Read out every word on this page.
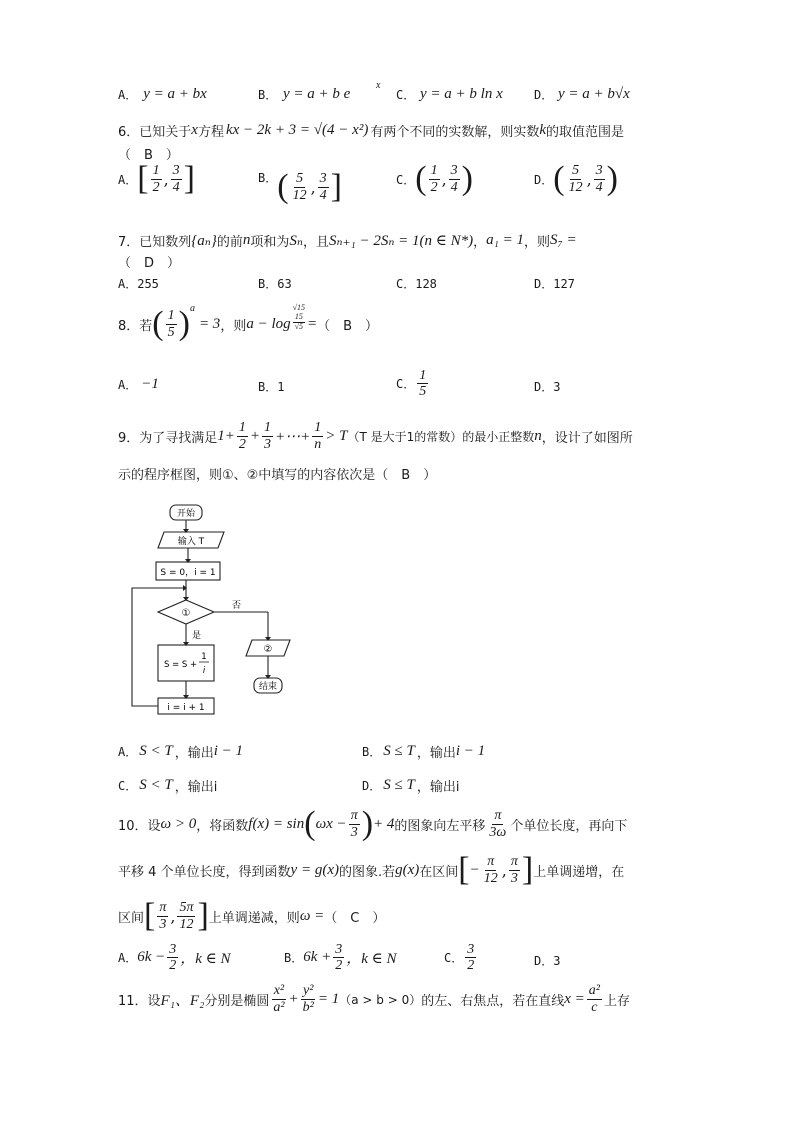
A． y = a + bx	B． y = a + b e
x
C． y = a + b ln x	D． y = a + b√x
6．已知关于 x 方程 kx − 2k + 3 = √(4 − x²) 有两个不同的实数解，则实数 k 的取值范围是
（　B　）
A． [ $\frac{1}{2}$ , $\frac{3}{4}$ ]	B． ( $\frac{5}{12}$ , $\frac{3}{4}$ ]	C． ( $\frac{1}{2}$ , $\frac{3}{4}$ )	D． ( $\frac{5}{12}$ , $\frac{3}{4}$ )
7．已知数列 {aₙ} 的前 n 项和为 Sₙ ，且 Sₙ₊₁ − 2Sₙ = 1(n ∈ N*) ， a₁ = 1 ，则 S₇ =
（　D　）
A．255	B．63	C．128	D．127
8．若 ( $\frac{1}{5}$ ) a
= 3 ，则 a − log
√15
15
√5 = （　B　）
A． −1	B．1	C． $\frac{1}{5}$	D．3
9．为了寻找满足 $1+ \frac{1}{2} + \frac{1}{3}$ +⋯+ $\frac{1}{n} > T$ （T 是大于1的常数）的最小正整数 n ，设计了如图所
示的程序框图，则①、②中填写的内容依次是（　B　）
开始
输入 T
S = 0，i = 1
①
否
是
S = S +
1
i
i = i + 1
②
结束
A． S < T ，输出 i − 1	B． S ≤ T ，输出 i − 1
C． S < T ，输出i	D． S ≤ T ，输出i
10．设 ω > 0 ，将函数 f(x) = sin ( $\omega x - \frac{\pi}{3}$ ) + 4 的图象向左平移 $\frac{\pi}{3\omega}$ 个单位长度，再向下
平移 4 个单位长度，得到函数 y = g(x) 的图象.若 g(x) 在区间 [ − $\frac{\pi}{12}$ , $\frac{\pi}{3}$ ] 上单调递增，在
区间 [ $\frac{\pi}{3}$ , $\frac{5\pi}{12}$ ] 上单调递减，则 ω = （　C　）
A． $6k - \frac{3}{2}$ ，k ∈ N	B． $6k + \frac{3}{2}$ ，k ∈ N	C． $\frac{3}{2}$	D．3
11．设 F₁、F₂ 分别是椭圆 $\frac{\text{x²}}{\text{a²}} + \frac{\text{y²}}{\text{b²}} = 1$ （a > b > 0） 的左、右焦点，若在直线 $x = \frac{\text{a²}}{c}$ 上存
